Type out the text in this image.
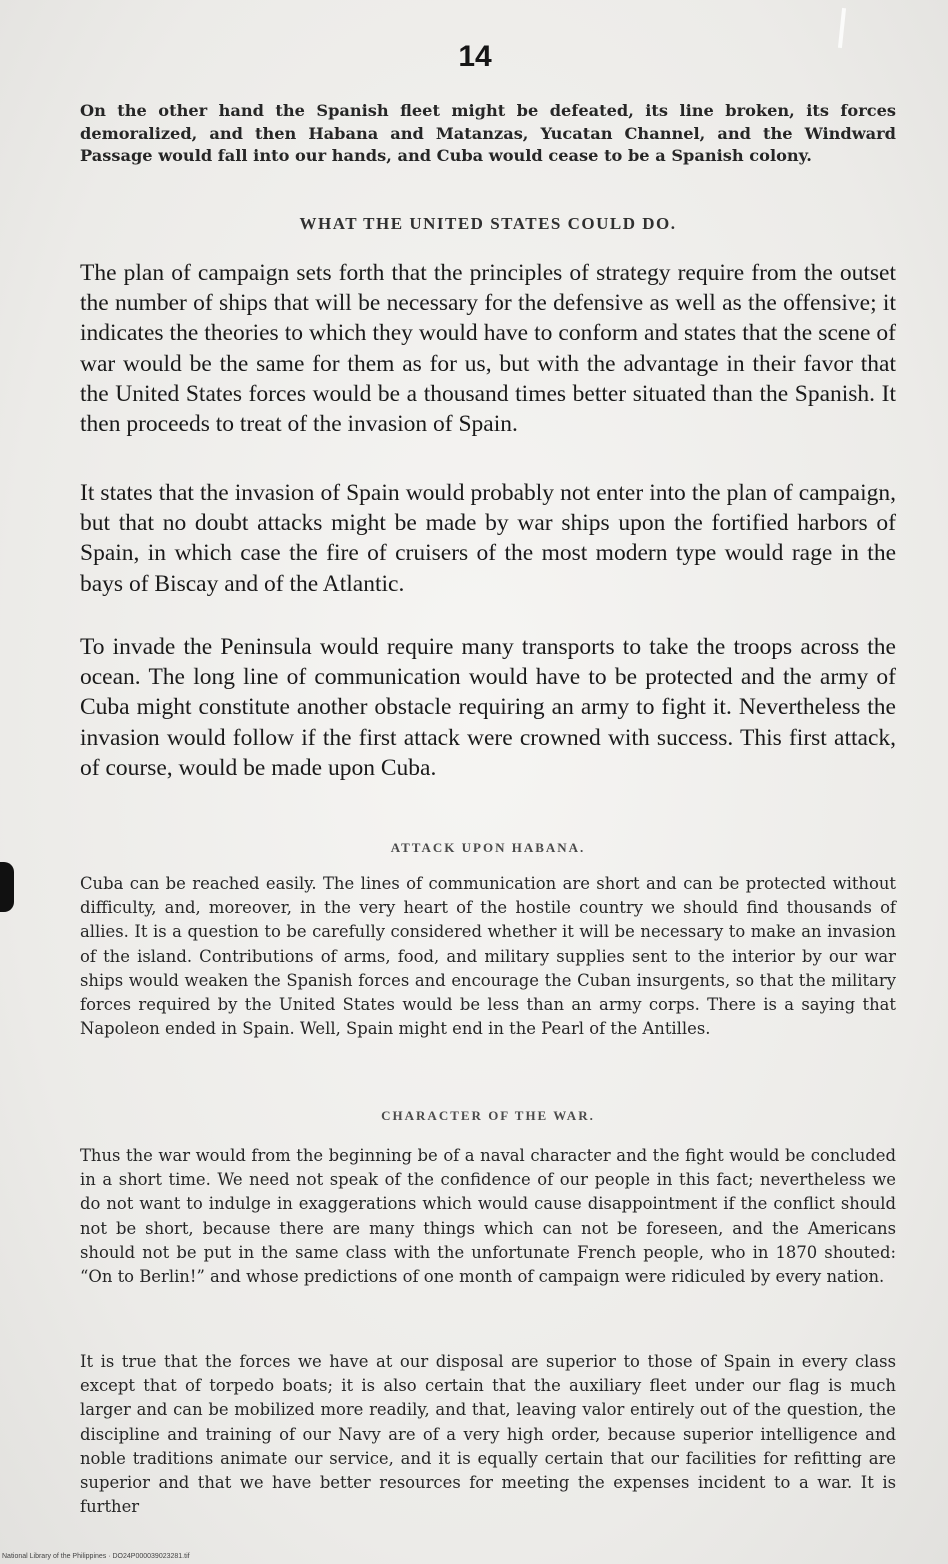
14

On the other hand the Spanish fleet might be defeated, its line broken, its forces demoralized, and then Habana and Matanzas, Yucatan Channel, and the Windward Passage would fall into our hands, and Cuba would cease to be a Spanish colony.

WHAT THE UNITED STATES COULD DO.

The plan of campaign sets forth that the principles of strategy require from the outset the number of ships that will be necessary for the defensive as well as the offensive; it indicates the theories to which they would have to conform and states that the scene of war would be the same for them as for us, but with the advantage in their favor that the United States forces would be a thousand times better situated than the Spanish. It then proceeds to treat of the invasion of Spain.

It states that the invasion of Spain would probably not enter into the plan of campaign, but that no doubt attacks might be made by war ships upon the fortified harbors of Spain, in which case the fire of cruisers of the most modern type would rage in the bays of Biscay and of the Atlantic.

To invade the Peninsula would require many transports to take the troops across the ocean. The long line of communication would have to be protected and the army of Cuba might constitute another obstacle requiring an army to fight it. Nevertheless the invasion would follow if the first attack were crowned with success. This first attack, of course, would be made upon Cuba.

ATTACK UPON HABANA.

Cuba can be reached easily. The lines of communication are short and can be protected without difficulty, and, moreover, in the very heart of the hostile country we should find thousands of allies. It is a question to be carefully considered whether it will be necessary to make an invasion of the island. Contributions of arms, food, and military supplies sent to the interior by our war ships would weaken the Spanish forces and encourage the Cuban insurgents, so that the military forces required by the United States would be less than an army corps. There is a saying that Napoleon ended in Spain. Well, Spain might end in the Pearl of the Antilles.

CHARACTER OF THE WAR.

Thus the war would from the beginning be of a naval character and the fight would be concluded in a short time. We need not speak of the confidence of our people in this fact; nevertheless we do not want to indulge in exaggerations which would cause disappointment if the conflict should not be short, because there are many things which can not be foreseen, and the Americans should not be put in the same class with the unfortunate French people, who in 1870 shouted: “On to Berlin!” and whose predictions of one month of campaign were ridiculed by every nation.

It is true that the forces we have at our disposal are superior to those of Spain in every class except that of torpedo boats; it is also certain that the auxiliary fleet under our flag is much larger and can be mobilized more readily, and that, leaving valor entirely out of the question, the discipline and training of our Navy are of a very high order, because superior intelligence and noble traditions animate our service, and it is equally certain that our facilities for refitting are superior and that we have better resources for meeting the expenses incident to a war. It is further

National Library of the Philippines · DO24P000039023281.tif
